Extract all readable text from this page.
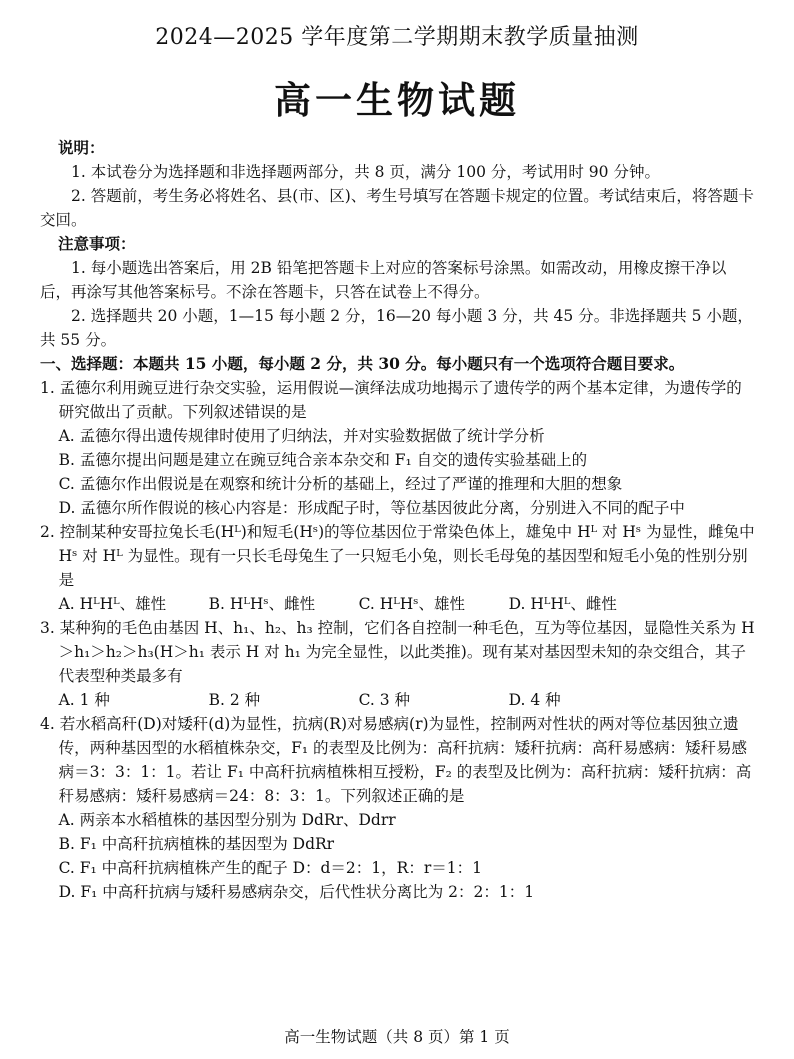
2024—2025 学年度第二学期期末教学质量抽测
高一生物试题
说明：
1. 本试卷分为选择题和非选择题两部分，共 8 页，满分 100 分，考试用时 90 分钟。
2. 答题前，考生务必将姓名、县(市、区)、考生号填写在答题卡规定的位置。考试结束后，将答题卡交回。
注意事项：
1. 每小题选出答案后，用 2B 铅笔把答题卡上对应的答案标号涂黑。如需改动，用橡皮擦干净以后，再涂写其他答案标号。不涂在答题卡，只答在试卷上不得分。
2. 选择题共 20 小题，1—15 每小题 2 分，16—20 每小题 3 分，共 45 分。非选择题共 5 小题，共 55 分。
一、选择题：本题共 15 小题，每小题 2 分，共 30 分。每小题只有一个选项符合题目要求。
1. 孟德尔利用豌豆进行杂交实验，运用假说—演绎法成功地揭示了遗传学的两个基本定律，为遗传学的研究做出了贡献。下列叙述错误的是
A. 孟德尔得出遗传规律时使用了归纳法，并对实验数据做了统计学分析
B. 孟德尔提出问题是建立在豌豆纯合亲本杂交和 F₁ 自交的遗传实验基础上的
C. 孟德尔作出假说是在观察和统计分析的基础上，经过了严谨的推理和大胆的想象
D. 孟德尔所作假说的核心内容是：形成配子时，等位基因彼此分离，分别进入不同的配子中
2. 控制某种安哥拉兔长毛(Hᴸ)和短毛(Hˢ)的等位基因位于常染色体上，雄兔中 Hᴸ 对 Hˢ 为显性，雌兔中 Hˢ 对 Hᴸ 为显性。现有一只长毛母兔生了一只短毛小兔，则长毛母兔的基因型和短毛小兔的性别分别是
A. HᴸHᴸ、雄性	B. HᴸHˢ、雌性	C. HᴸHˢ、雄性	D. HᴸHᴸ、雌性
3. 某种狗的毛色由基因 H、h₁、h₂、h₃ 控制，它们各自控制一种毛色，互为等位基因，显隐性关系为 H＞h₁＞h₂＞h₃(H＞h₁ 表示 H 对 h₁ 为完全显性，以此类推)。现有某对基因型未知的杂交组合，其子代表型种类最多有
A. 1 种	B. 2 种	C. 3 种	D. 4 种
4. 若水稻高秆(D)对矮秆(d)为显性，抗病(R)对易感病(r)为显性，控制两对性状的两对等位基因独立遗传，两种基因型的水稻植株杂交，F₁ 的表型及比例为：高秆抗病：矮秆抗病：高秆易感病：矮秆易感病＝3：3：1：1。若让 F₁ 中高秆抗病植株相互授粉，F₂ 的表型及比例为：高秆抗病：矮秆抗病：高秆易感病：矮秆易感病＝24：8：3：1。下列叙述正确的是
A. 两亲本水稻植株的基因型分别为 DdRr、Ddrr
B. F₁ 中高秆抗病植株的基因型为 DdRr
C. F₁ 中高秆抗病植株产生的配子 D：d＝2：1，R：r＝1：1
D. F₁ 中高秆抗病与矮秆易感病杂交，后代性状分离比为 2：2：1：1
高一生物试题（共 8 页）第 1 页
